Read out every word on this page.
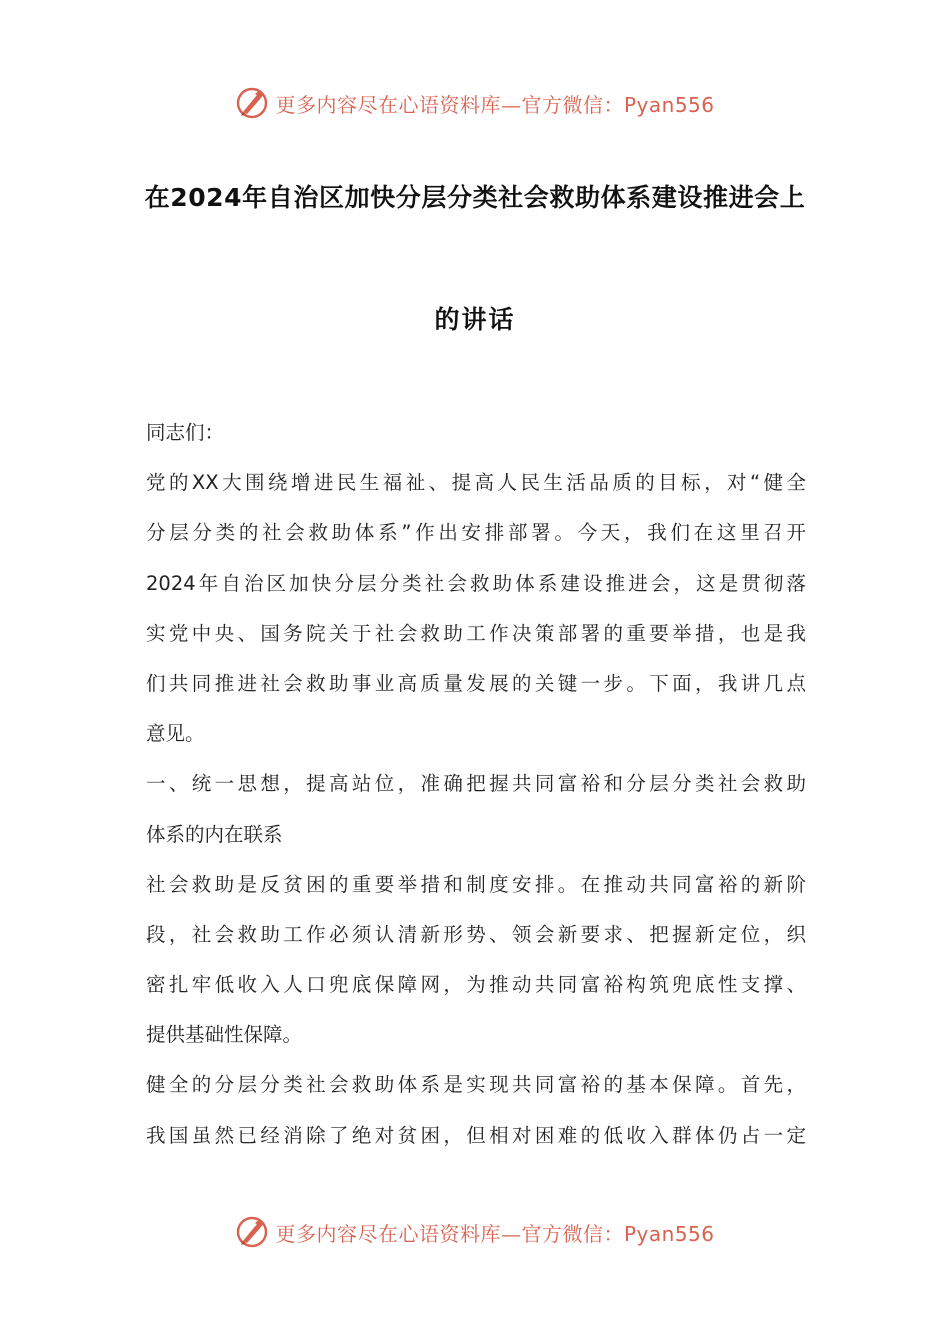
更多内容尽在心语资料库—官方微信：Pyan556
在2024年自治区加快分层分类社会救助体系建设推进会上
的讲话
同志们：
党的XX大围绕增进民生福祉、提高人民生活品质的目标，对“健全
分层分类的社会救助体系”作出安排部署。今天，我们在这里召开
2024年自治区加快分层分类社会救助体系建设推进会，这是贯彻落
实党中央、国务院关于社会救助工作决策部署的重要举措，也是我
们共同推进社会救助事业高质量发展的关键一步。下面，我讲几点
意见。
一、统一思想，提高站位，准确把握共同富裕和分层分类社会救助
体系的内在联系
社会救助是反贫困的重要举措和制度安排。在推动共同富裕的新阶
段，社会救助工作必须认清新形势、领会新要求、把握新定位，织
密扎牢低收入人口兜底保障网，为推动共同富裕构筑兜底性支撑、
提供基础性保障。
健全的分层分类社会救助体系是实现共同富裕的基本保障。首先，
我国虽然已经消除了绝对贫困，但相对困难的低收入群体仍占一定
更多内容尽在心语资料库—官方微信：Pyan556
